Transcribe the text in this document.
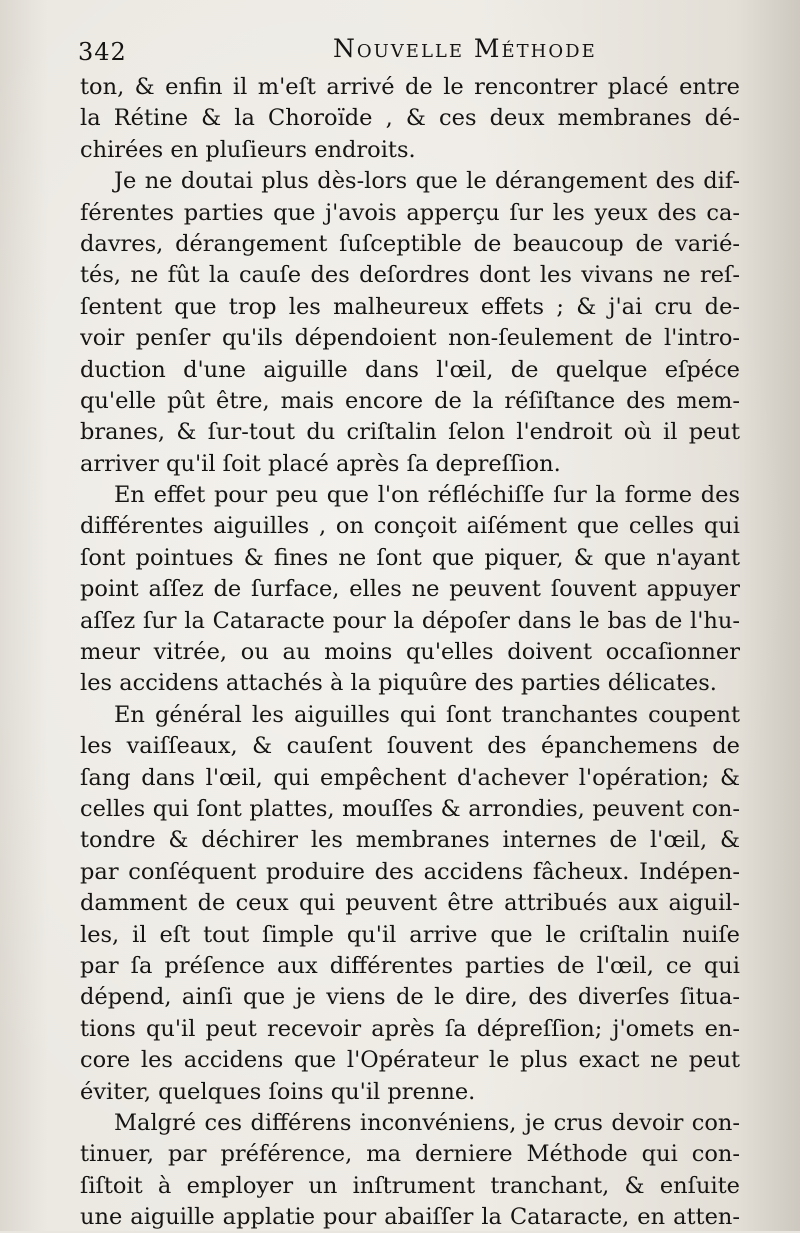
342	Nouvelle Méthode
ton, & enfin il m'eſt arrivé de le rencontrer placé entre
la Rétine & la Choroïde , & ces deux membranes dé-
chirées en pluſieurs endroits.
Je ne doutai plus dès-lors que le dérangement des dif-
férentes parties que j'avois apperçu ſur les yeux des ca-
davres, dérangement ſuſceptible de beaucoup de varié-
tés, ne fût la cauſe des deſordres dont les vivans ne reſ-
ſentent que trop les malheureux effets ; & j'ai cru de-
voir penſer qu'ils dépendoient non-ſeulement de l'intro-
duction d'une aiguille dans l'œil, de quelque eſpéce
qu'elle pût être, mais encore de la réſiſtance des mem-
branes, & ſur-tout du criſtalin ſelon l'endroit où il peut
arriver qu'il ſoit placé après ſa depreſſion.
En effet pour peu que l'on réfléchiſſe ſur la forme des
différentes aiguilles , on conçoit aiſément que celles qui
ſont pointues & fines ne ſont que piquer, & que n'ayant
point aſſez de ſurface, elles ne peuvent ſouvent appuyer
aſſez ſur la Cataracte pour la dépoſer dans le bas de l'hu-
meur vitrée, ou au moins qu'elles doivent occaſionner
les accidens attachés à la piquûre des parties délicates.
En général les aiguilles qui ſont tranchantes coupent
les vaiſſeaux, & cauſent ſouvent des épanchemens de
ſang dans l'œil, qui empêchent d'achever l'opération; &
celles qui ſont plattes, mouſſes & arrondies, peuvent con-
tondre & déchirer les membranes internes de l'œil, &
par conſéquent produire des accidens fâcheux. Indépen-
damment de ceux qui peuvent être attribués aux aiguil-
les, il eſt tout ſimple qu'il arrive que le criſtalin nuiſe
par ſa préſence aux différentes parties de l'œil, ce qui
dépend, ainſi que je viens de le dire, des diverſes ſitua-
tions qu'il peut recevoir après ſa dépreſſion; j'omets en-
core les accidens que l'Opérateur le plus exact ne peut
éviter, quelques ſoins qu'il prenne.
Malgré ces différens inconvéniens, je crus devoir con-
tinuer, par préférence, ma derniere Méthode qui con-
ſiſtoit à employer un inſtrument tranchant, & enſuite
une aiguille applatie pour abaiſſer la Cataracte, en atten-
